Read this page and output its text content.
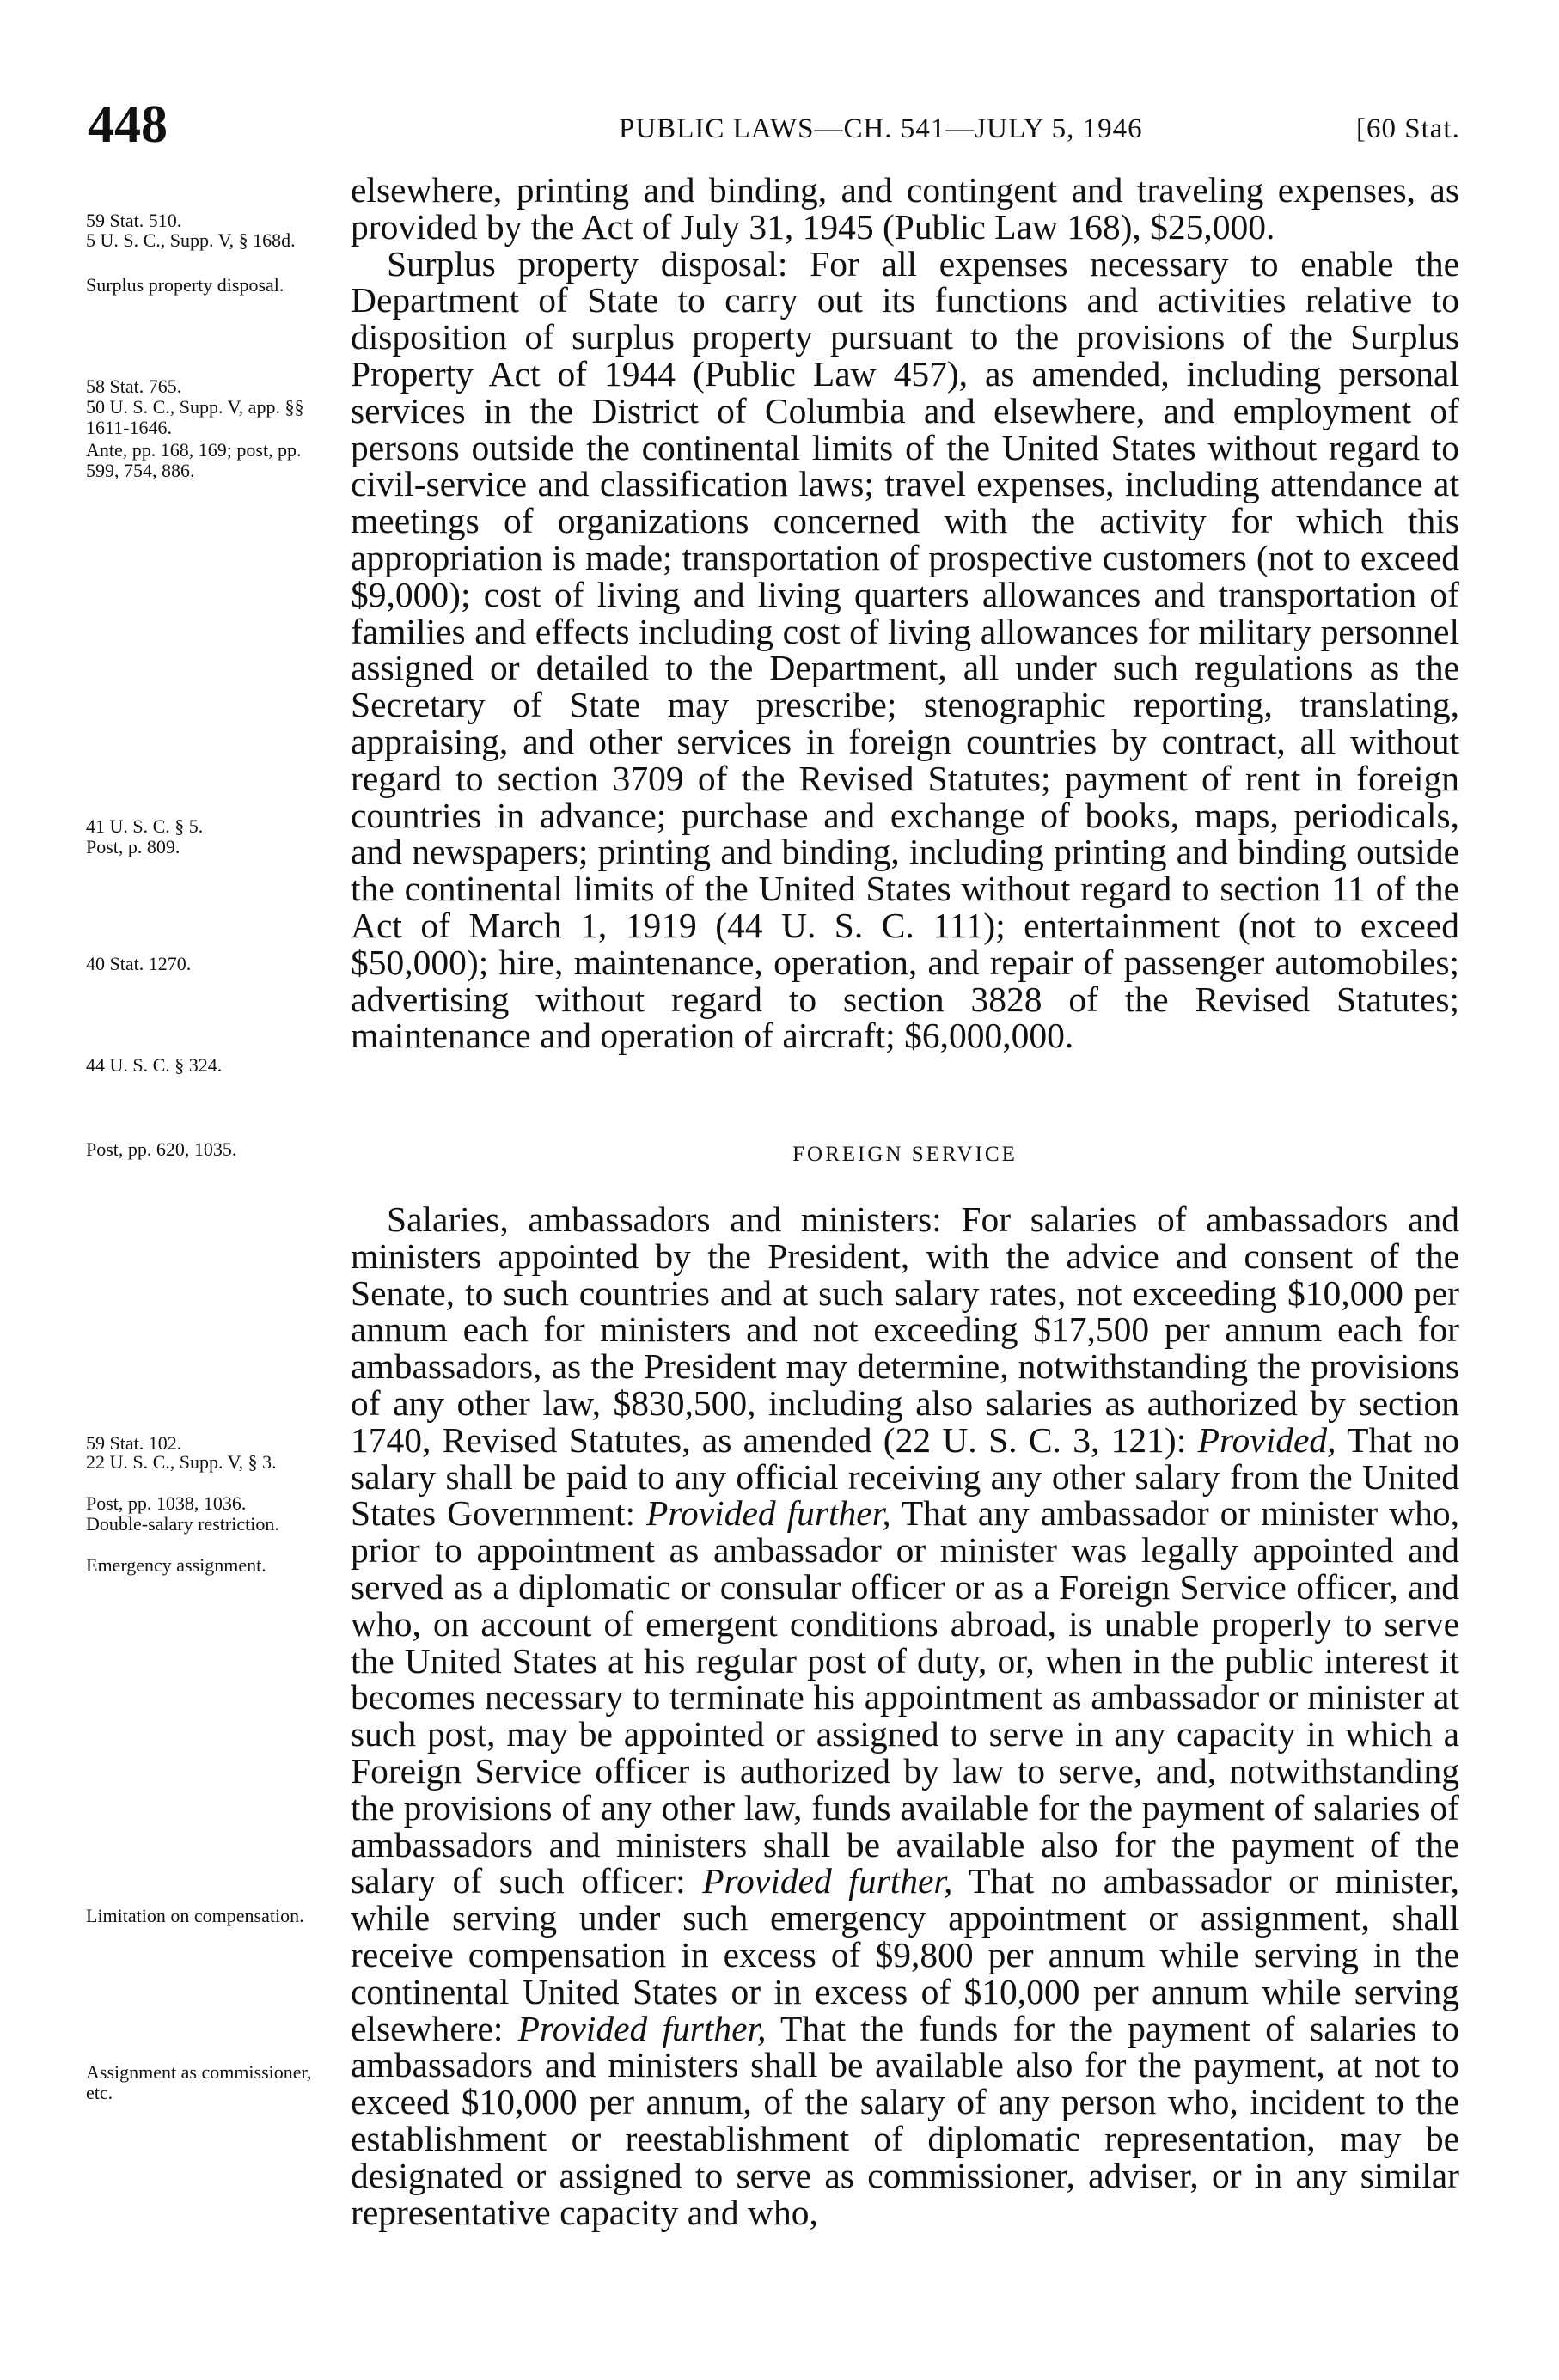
448	PUBLIC LAWS—CH. 541—JULY 5, 1946	[60 Stat.
59 Stat. 510.
5 U. S. C., Supp. V, § 168d.
Surplus property disposal.
58 Stat. 765.
50 U. S. C., Supp. V, app. §§ 1611-1646.
Ante, pp. 168, 169; post, pp. 599, 754, 886.
41 U. S. C. § 5.
Post, p. 809.
40 Stat. 1270.
44 U. S. C. § 324.
Post, pp. 620, 1035.
59 Stat. 102.
22 U. S. C., Supp. V, § 3.
Post, pp. 1038, 1036.
Double-salary restriction.
Emergency assignment.
Limitation on compensation.
Assignment as commissioner, etc.

elsewhere, printing and binding, and contingent and traveling expenses, as provided by the Act of July 31, 1945 (Public Law 168), $25,000.

Surplus property disposal: For all expenses necessary to enable the Department of State to carry out its functions and activities relative to disposition of surplus property pursuant to the provisions of the Surplus Property Act of 1944 (Public Law 457), as amended, including personal services in the District of Columbia and elsewhere, and employment of persons outside the continental limits of the United States without regard to civil-service and classification laws; travel expenses, including attendance at meetings of organizations concerned with the activity for which this appropriation is made; transportation of prospective customers (not to exceed $9,000); cost of living and living quarters allowances and transportation of families and effects including cost of living allowances for military personnel assigned or detailed to the Department, all under such regulations as the Secretary of State may prescribe; stenographic reporting, translating, appraising, and other services in foreign countries by contract, all without regard to section 3709 of the Revised Statutes; payment of rent in foreign countries in advance; purchase and exchange of books, maps, periodicals, and newspapers; printing and binding, including printing and binding outside the continental limits of the United States without regard to section 11 of the Act of March 1, 1919 (44 U. S. C. 111); entertainment (not to exceed $50,000); hire, maintenance, operation, and repair of passenger automobiles; advertising without regard to section 3828 of the Revised Statutes; maintenance and operation of aircraft; $6,000,000.

FOREIGN SERVICE

Salaries, ambassadors and ministers: For salaries of ambassadors and ministers appointed by the President, with the advice and consent of the Senate, to such countries and at such salary rates, not exceeding $10,000 per annum each for ministers and not exceeding $17,500 per annum each for ambassadors, as the President may determine, notwithstanding the provisions of any other law, $830,500, including also salaries as authorized by section 1740, Revised Statutes, as amended (22 U. S. C. 3, 121): Provided, That no salary shall be paid to any official receiving any other salary from the United States Government: Provided further, That any ambassador or minister who, prior to appointment as ambassador or minister was legally appointed and served as a diplomatic or consular officer or as a Foreign Service officer, and who, on account of emergent conditions abroad, is unable properly to serve the United States at his regular post of duty, or, when in the public interest it becomes necessary to terminate his appointment as ambassador or minister at such post, may be appointed or assigned to serve in any capacity in which a Foreign Service officer is authorized by law to serve, and, notwithstanding the provisions of any other law, funds available for the payment of salaries of ambassadors and ministers shall be available also for the payment of the salary of such officer: Provided further, That no ambassador or minister, while serving under such emergency appointment or assignment, shall receive compensation in excess of $9,800 per annum while serving in the continental United States or in excess of $10,000 per annum while serving elsewhere: Provided further, That the funds for the payment of salaries to ambassadors and ministers shall be available also for the payment, at not to exceed $10,000 per annum, of the salary of any person who, incident to the establishment or reestablishment of diplomatic representation, may be designated or assigned to serve as commissioner, adviser, or in any similar representative capacity and who,
